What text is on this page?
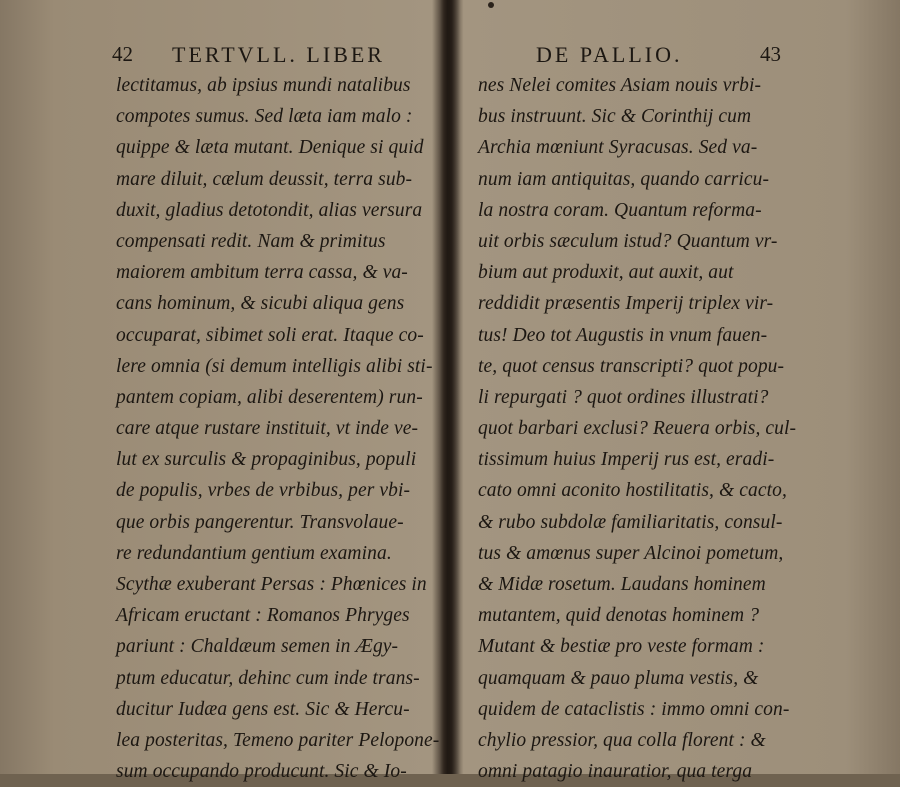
42 TERTVLL. LIBER
lectitamus, ab ipsius mundi natalibus
compotes sumus. Sed læta iam malo :
quippe & læta mutant. Denique si quid
mare diluit, cælum deussit, terra sub-
duxit, gladius detotondit, alias versura
compensati redit. Nam & primitus
maiorem ambitum terra cassa, & va-
cans hominum, & sicubi aliqua gens
occuparat, sibimet soli erat. Itaque co-
lere omnia (si demum intelligis alibi sti-
pantem copiam, alibi deserentem) run-
care atque rustare instituit, vt inde ve-
lut ex surculis & propaginibus, populi
de populis, vrbes de vrbibus, per vbi-
que orbis pangerentur. Transvolaue-
re redundantium gentium examina.
Scythæ exuberant Persas : Phœnices in
Africam eructant : Romanos Phryges
pariunt : Chaldæum semen in Ægy-
ptum educatur, dehinc cum inde trans-
ducitur Iudæa gens est. Sic & Hercu-
lea posteritas, Temeno pariter Pelopone-
sum occupando producunt. Sic & Io-
DE PALLIO.	43
nes Nelei comites Asiam nouis vrbi-
bus instruunt. Sic & Corinthij cum
Archia mœniunt Syracusas. Sed va-
num iam antiquitas, quando carricu-
la nostra coram. Quantum reforma-
uit orbis sæculum istud? Quantum vr-
bium aut produxit, aut auxit, aut
reddidit præsentis Imperij triplex vir-
tus! Deo tot Augustis in vnum fauen-
te, quot census transcripti? quot popu-
li repurgati ? quot ordines illustrati?
quot barbari exclusi? Reuera orbis, cul-
tissimum huius Imperij rus est, eradi-
cato omni aconito hostilitatis, & cacto,
& rubo subdolæ familiaritatis, consul-
tus & amœnus super Alcinoi pometum,
& Midæ rosetum. Laudans hominem
mutantem, quid denotas hominem ?
Mutant & bestiæ pro veste formam :
quamquam & pauo pluma vestis, &
quidem de cataclistis : immo omni con-
chylio pressior, qua colla florent : &
omni patagio inauratior, qua terga
